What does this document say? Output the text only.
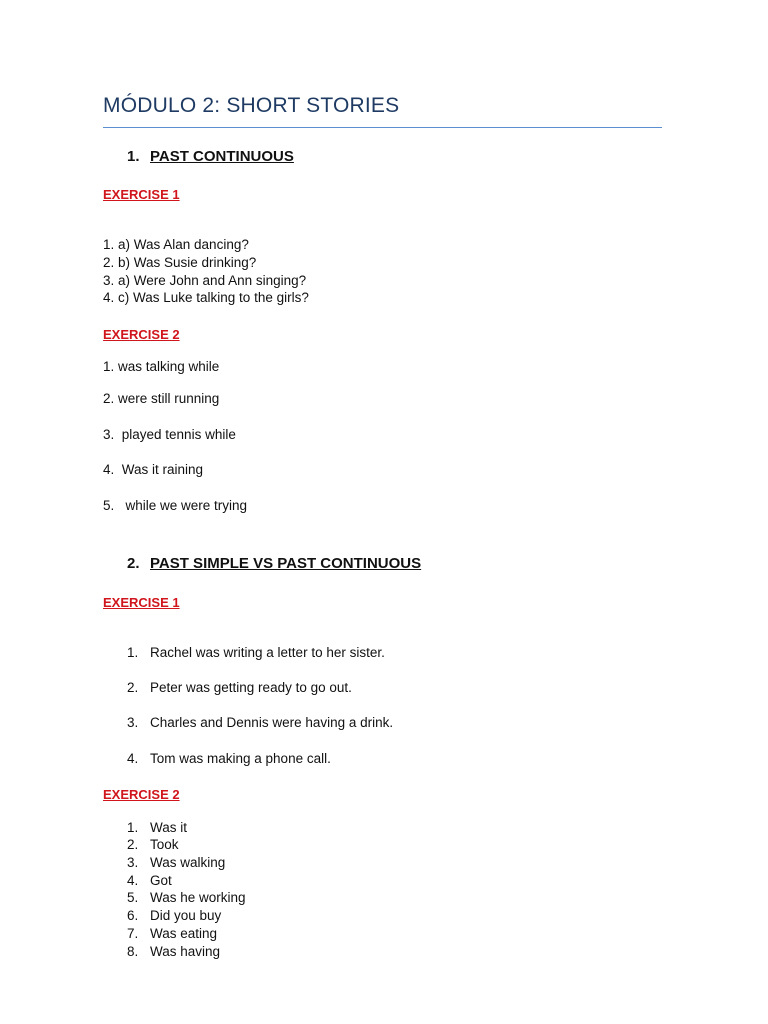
MÓDULO 2: SHORT STORIES
1. PAST CONTINUOUS
EXERCISE 1
1. a) Was Alan dancing?
2. b) Was Susie drinking?
3. a) Were John and Ann singing?
4. c) Was Luke talking to the girls?
EXERCISE 2
1. was talking while
2. were still running
3.  played tennis while
4.  Was it raining
5.   while we were trying
2. PAST SIMPLE VS PAST CONTINUOUS
EXERCISE 1
1. Rachel was writing a letter to her sister.
2. Peter was getting ready to go out.
3. Charles and Dennis were having a drink.
4. Tom was making a phone call.
EXERCISE 2
1. Was it
2. Took
3. Was walking
4. Got
5. Was he working
6. Did you buy
7. Was eating
8. Was having
